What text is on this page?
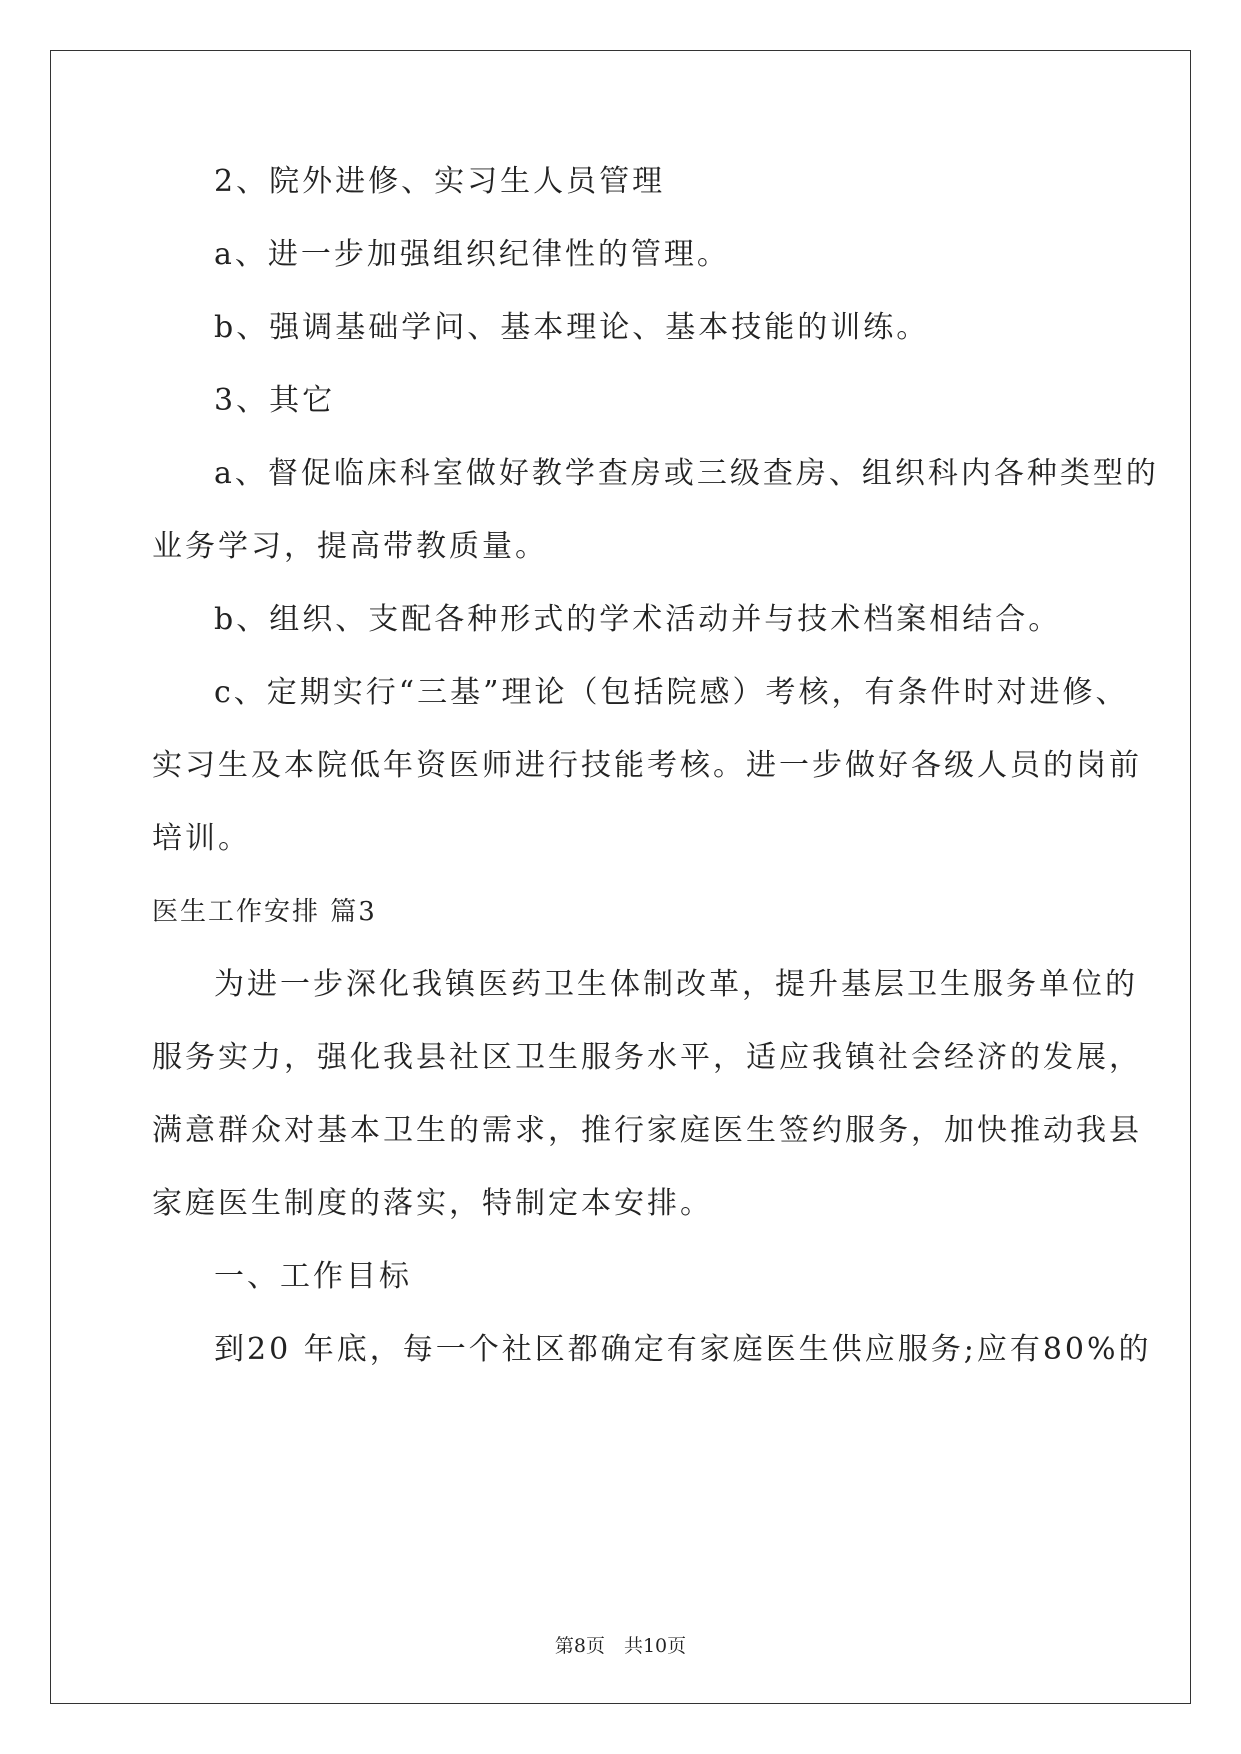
2、院外进修、实习生人员管理
a、进一步加强组织纪律性的管理。
b、强调基础学问、基本理论、基本技能的训练。
3、其它
a、督促临床科室做好教学查房或三级查房、组织科内各种类型的
业务学习，提高带教质量。
b、组织、支配各种形式的学术活动并与技术档案相结合。
c、定期实行“三基”理论（包括院感）考核，有条件时对进修、
实习生及本院低年资医师进行技能考核。进一步做好各级人员的岗前
培训。
医生工作安排 篇3
为进一步深化我镇医药卫生体制改革，提升基层卫生服务单位的
服务实力，强化我县社区卫生服务水平，适应我镇社会经济的发展，
满意群众对基本卫生的需求，推行家庭医生签约服务，加快推动我县
家庭医生制度的落实，特制定本安排。
一、工作目标
到20 年底，每一个社区都确定有家庭医生供应服务;应有80%的
第8页　共10页
